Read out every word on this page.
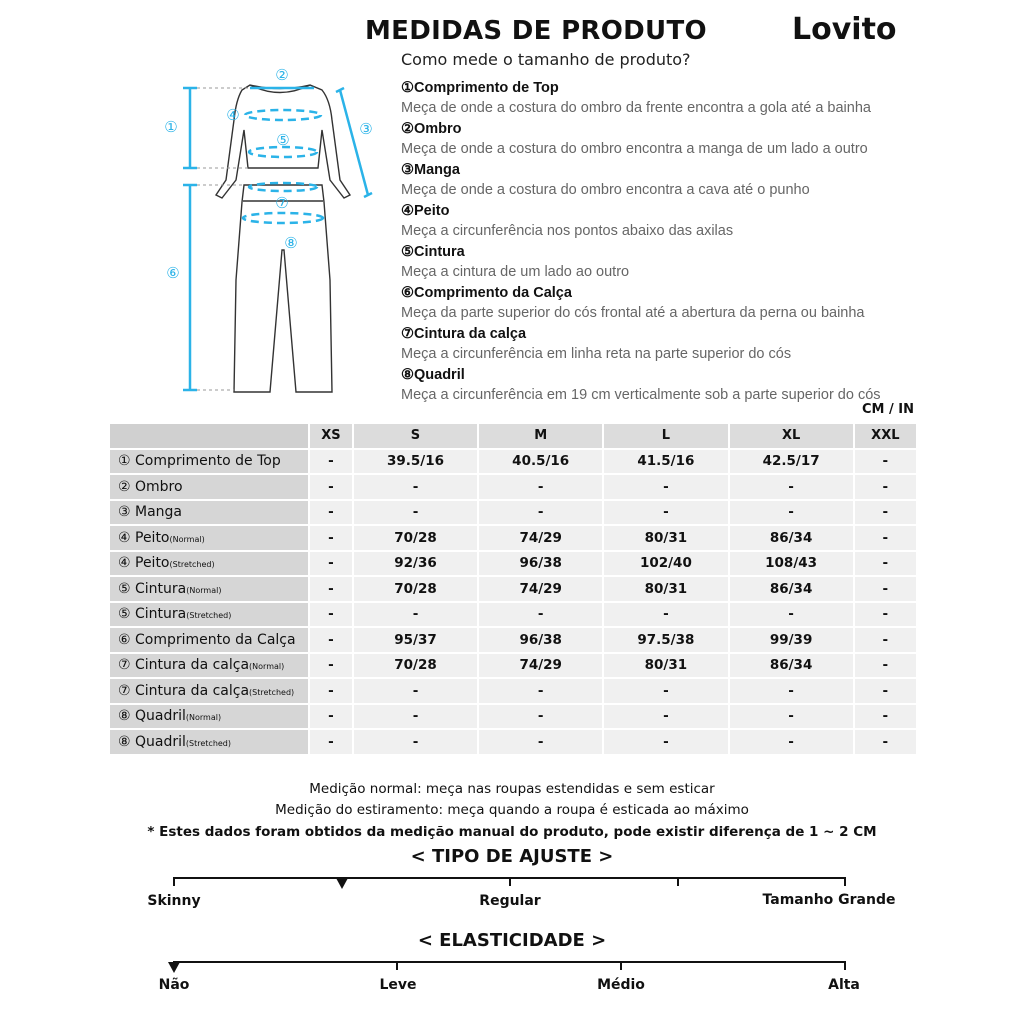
MEDIDAS DE PRODUTO	Lovito
Como mede o tamanho de produto?
①
②
③
④
⑤
⑥
⑦
⑧
①Comprimento de Top
Meça de onde a costura do ombro da frente encontra a gola até a bainha
②Ombro
Meça de onde a costura do ombro encontra a manga de um lado a outro
③Manga
Meça de onde a costura do ombro encontra a cava até o punho
④Peito
Meça a circunferência nos pontos abaixo das axilas
⑤Cintura
Meça a cintura de um lado ao outro
⑥Comprimento da Calça
Meça da parte superior do cós frontal até a abertura da perna ou bainha
⑦Cintura da calça
Meça a circunferência em linha reta na parte superior do cós
⑧Quadril
Meça a circunferência em 19 cm verticalmente sob a parte superior do cós
CM / IN
	XS	S	M	L	XL	XXL
① Comprimento de Top	-	39.5/16	40.5/16	41.5/16	42.5/17	-
② Ombro	-	-	-	-	-	-
③ Manga	-	-	-	-	-	-
④ Peito(Normal)	-	70/28	74/29	80/31	86/34	-
④ Peito(Stretched)	-	92/36	96/38	102/40	108/43	-
⑤ Cintura(Normal)	-	70/28	74/29	80/31	86/34	-
⑤ Cintura(Stretched)	-	-	-	-	-	-
⑥ Comprimento da Calça	-	95/37	96/38	97.5/38	99/39	-
⑦ Cintura da calça(Normal)	-	70/28	74/29	80/31	86/34	-
⑦ Cintura da calça(Stretched)	-	-	-	-	-	-
⑧ Quadril(Normal)	-	-	-	-	-	-
⑧ Quadril(Stretched)	-	-	-	-	-	-
Medição normal: meça nas roupas estendidas e sem esticar
Medição do estiramento: meça quando a roupa é esticada ao máximo
* Estes dados foram obtidos da medição manual do produto, pode existir diferença de 1 ~ 2 CM
< TIPO DE AJUSTE >
Skinny	Regular	Tamanho Grande
< ELASTICIDADE >
Não	Leve	Médio	Alta
